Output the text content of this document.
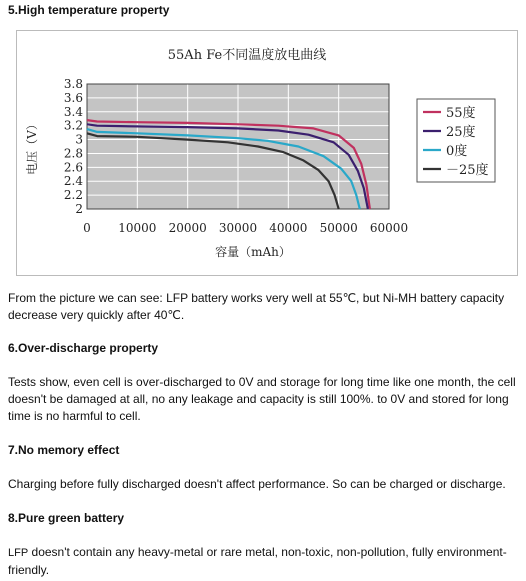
5.High temperature property
55Ah Fe不同温度放电曲线
2
2.2
2.4
2.6
2.8
3
3.2
3.4
3.6
3.8
0 10000 20000 30000 40000 50000 60000
电压（V）
55度
25度
0度
－25度
容量（mAh）
From the picture we can see: LFP battery works very well at 55℃, but Ni-MH battery capacity decrease very quickly after 40℃.
6.Over-discharge property
Tests show, even cell is over-discharged to 0V and storage for long time like one month, the cell doesn't be damaged at all, no any leakage and capacity is still 100%. to 0V and stored for long time is no harmful to cell.
7.No memory effect
Charging before fully discharged doesn't affect performance. So can be charged or discharge.
8.Pure green battery
LFP doesn't contain any heavy-metal or rare metal, non-toxic, non-pollution, fully environment-friendly.
